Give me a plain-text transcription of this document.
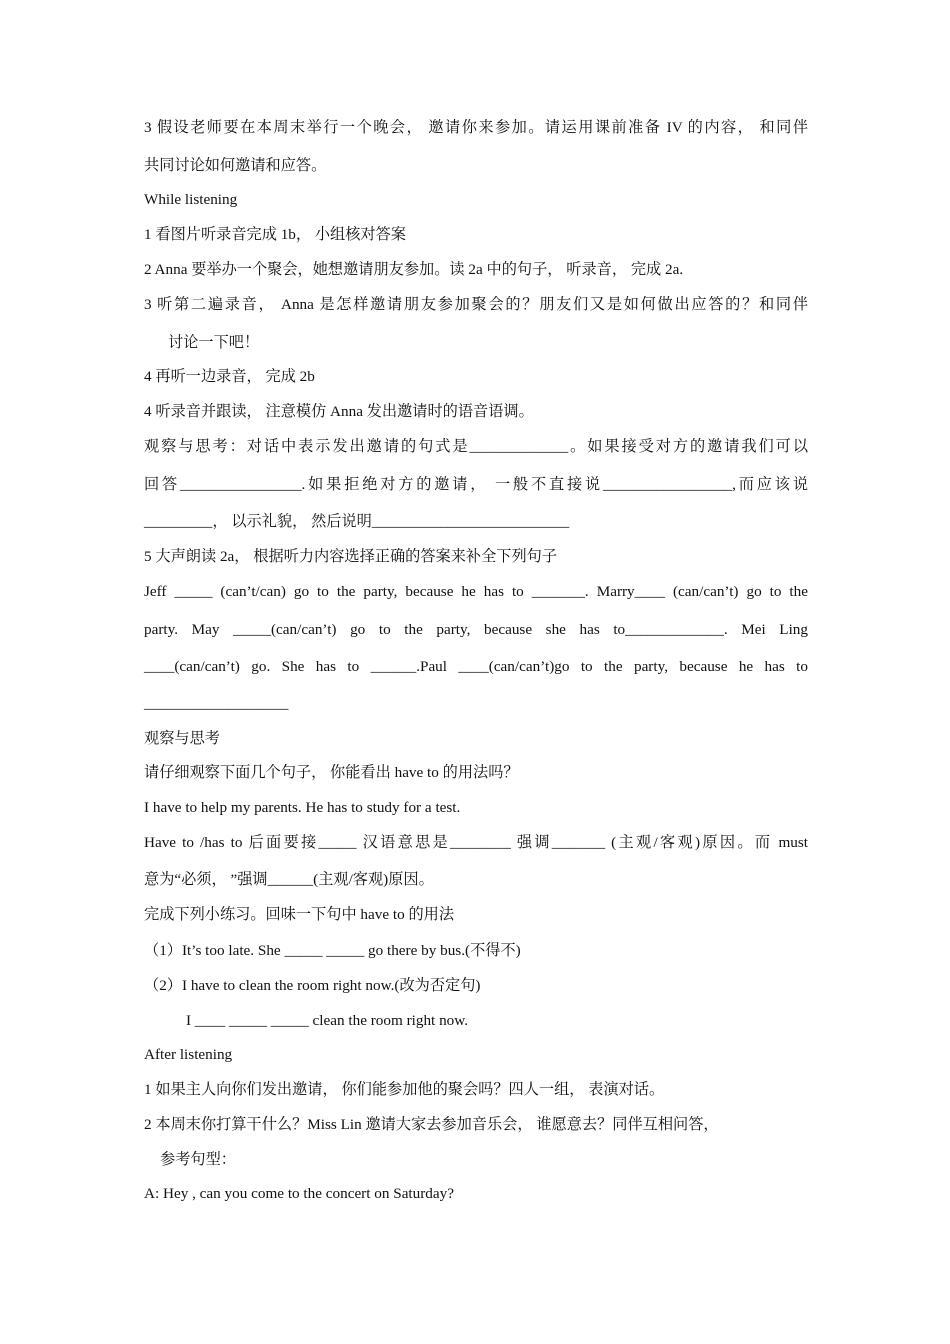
3 假设老师要在本周末举行一个晚会， 邀请你来参加。请运用课前准备 IV 的内容， 和同伴
共同讨论如何邀请和应答。
While listening
1 看图片听录音完成 1b， 小组核对答案
2 Anna 要举办一个聚会，她想邀请朋友参加。读 2a 中的句子， 听录音， 完成 2a.
3 听第二遍录音， Anna 是怎样邀请朋友参加聚会的？朋友们又是如何做出应答的？和同伴
讨论一下吧！
4 再听一边录音， 完成 2b
4 听录音并跟读， 注意模仿 Anna 发出邀请时的语音语调。
观察与思考：对话中表示发出邀请的句式是_____________。如果接受对方的邀请我们可以
回答________________.如果拒绝对方的邀请， 一般不直接说_________________,而应该说
_________， 以示礼貌， 然后说明__________________________
5 大声朗读 2a， 根据听力内容选择正确的答案来补全下列句子
Jeff _____ (can’t/can) go to the party, because he has to _______. Marry____ (can/can’t) go to the
party. May _____(can/can’t) go to the party, because she has to_____________. Mei Ling
____(can/can’t) go. She has to ______.Paul ____(can/can’t)go to the party, because he has to
___________________
观察与思考
请仔细观察下面几个句子， 你能看出 have to 的用法吗？
I have to help my parents. He has to study for a test.
Have to /has to 后面要接_____ 汉语意思是________ 强调_______ (主观/客观)原因。而 must
意为“必须， ”强调______(主观/客观)原因。
完成下列小练习。回味一下句中 have to 的用法
（1）It’s too late. She _____ _____ go there by bus.(不得不)
（2）I have to clean the room right now.(改为否定句)
I ____ _____ _____ clean the room right now.
After listening
1 如果主人向你们发出邀请， 你们能参加他的聚会吗？四人一组， 表演对话。
2 本周末你打算干什么？Miss Lin 邀请大家去参加音乐会， 谁愿意去？同伴互相问答，
参考句型：
A: Hey , can you come to the concert on Saturday?
